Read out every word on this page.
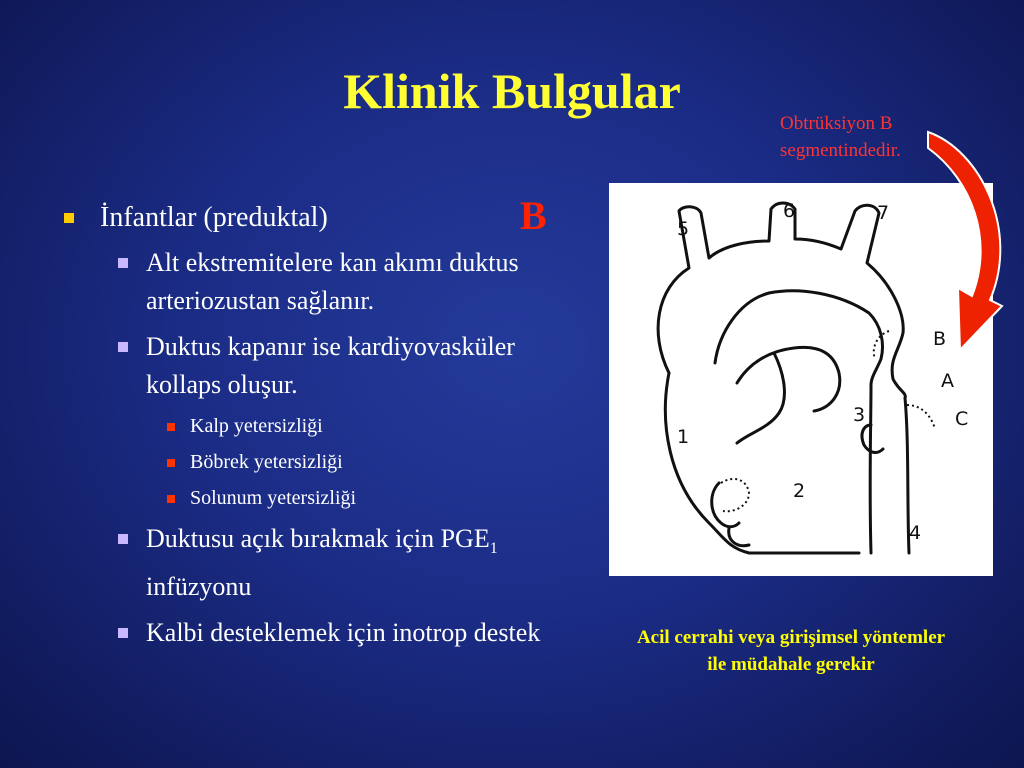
Klinik Bulgular
B
Obtrüksiyon B
segmentindedir.
İnfantlar (preduktal)
Alt ekstremitelere kan akımı duktus arteriozustan sağlanır.
Duktus kapanır ise kardiyovasküler kollaps oluşur.
Kalp yetersizliği
Böbrek yetersizliği
Solunum yetersizliği
Duktusu açık bırakmak için $PGE_1$ infüzyonu
Kalbi desteklemek için inotrop destek
5
6	7
B
A
C
3
1
2
4
Acil cerrahi veya girişimsel yöntemler
ile müdahale gerekir
